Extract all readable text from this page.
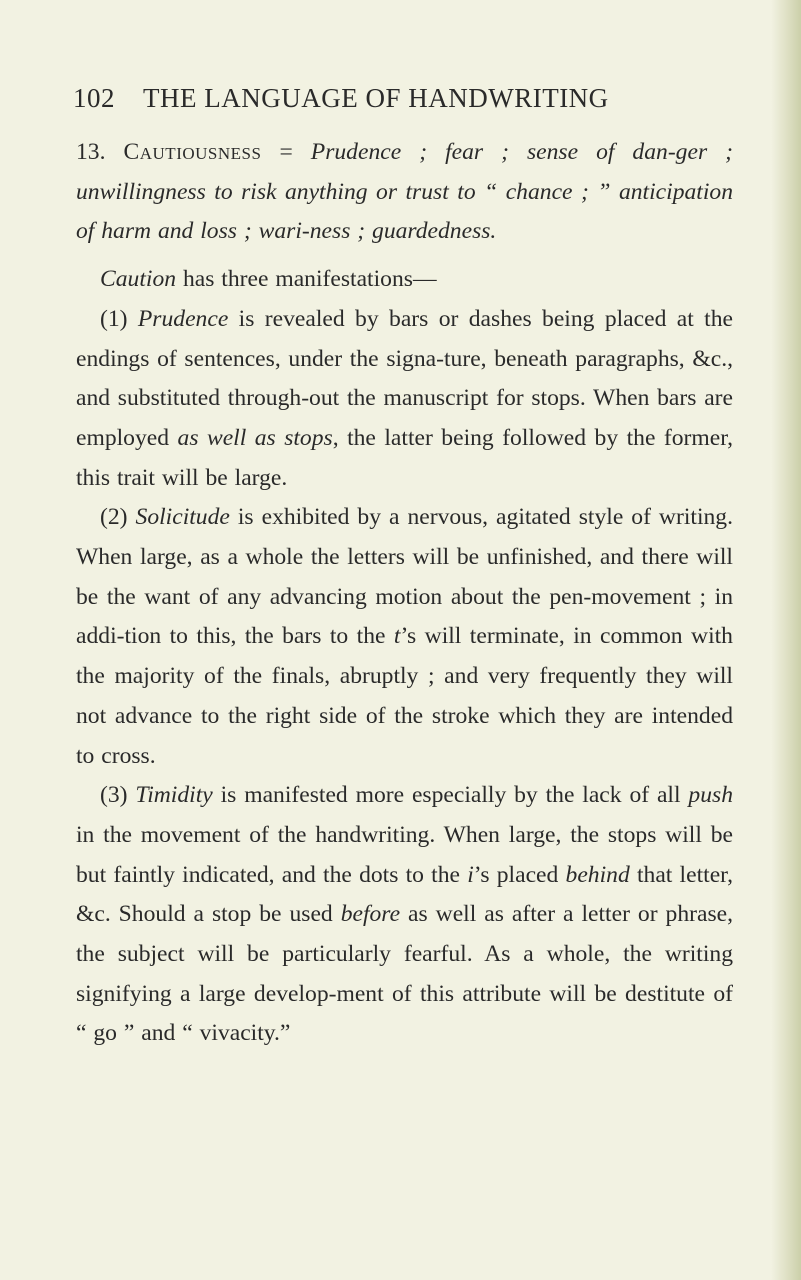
102 THE LANGUAGE OF HANDWRITING

13. Cautiousness = Prudence ; fear ; sense of dan-ger ; unwillingness to risk anything or trust to “ chance ; ” anticipation of harm and loss ; wari-ness ; guardedness.

Caution has three manifestations—

(1) Prudence is revealed by bars or dashes being placed at the endings of sentences, under the signa-ture, beneath paragraphs, &c., and substituted through-out the manuscript for stops. When bars are employed as well as stops, the latter being followed by the former, this trait will be large.

(2) Solicitude is exhibited by a nervous, agitated style of writing. When large, as a whole the letters will be unfinished, and there will be the want of any advancing motion about the pen-movement ; in addi-tion to this, the bars to the t’s will terminate, in common with the majority of the finals, abruptly ; and very frequently they will not advance to the right side of the stroke which they are intended to cross.

(3) Timidity is manifested more especially by the lack of all push in the movement of the handwriting. When large, the stops will be but faintly indicated, and the dots to the i’s placed behind that letter, &c. Should a stop be used before as well as after a letter or phrase, the subject will be particularly fearful. As a whole, the writing signifying a large develop-ment of this attribute will be destitute of “ go ” and “ vivacity.”
